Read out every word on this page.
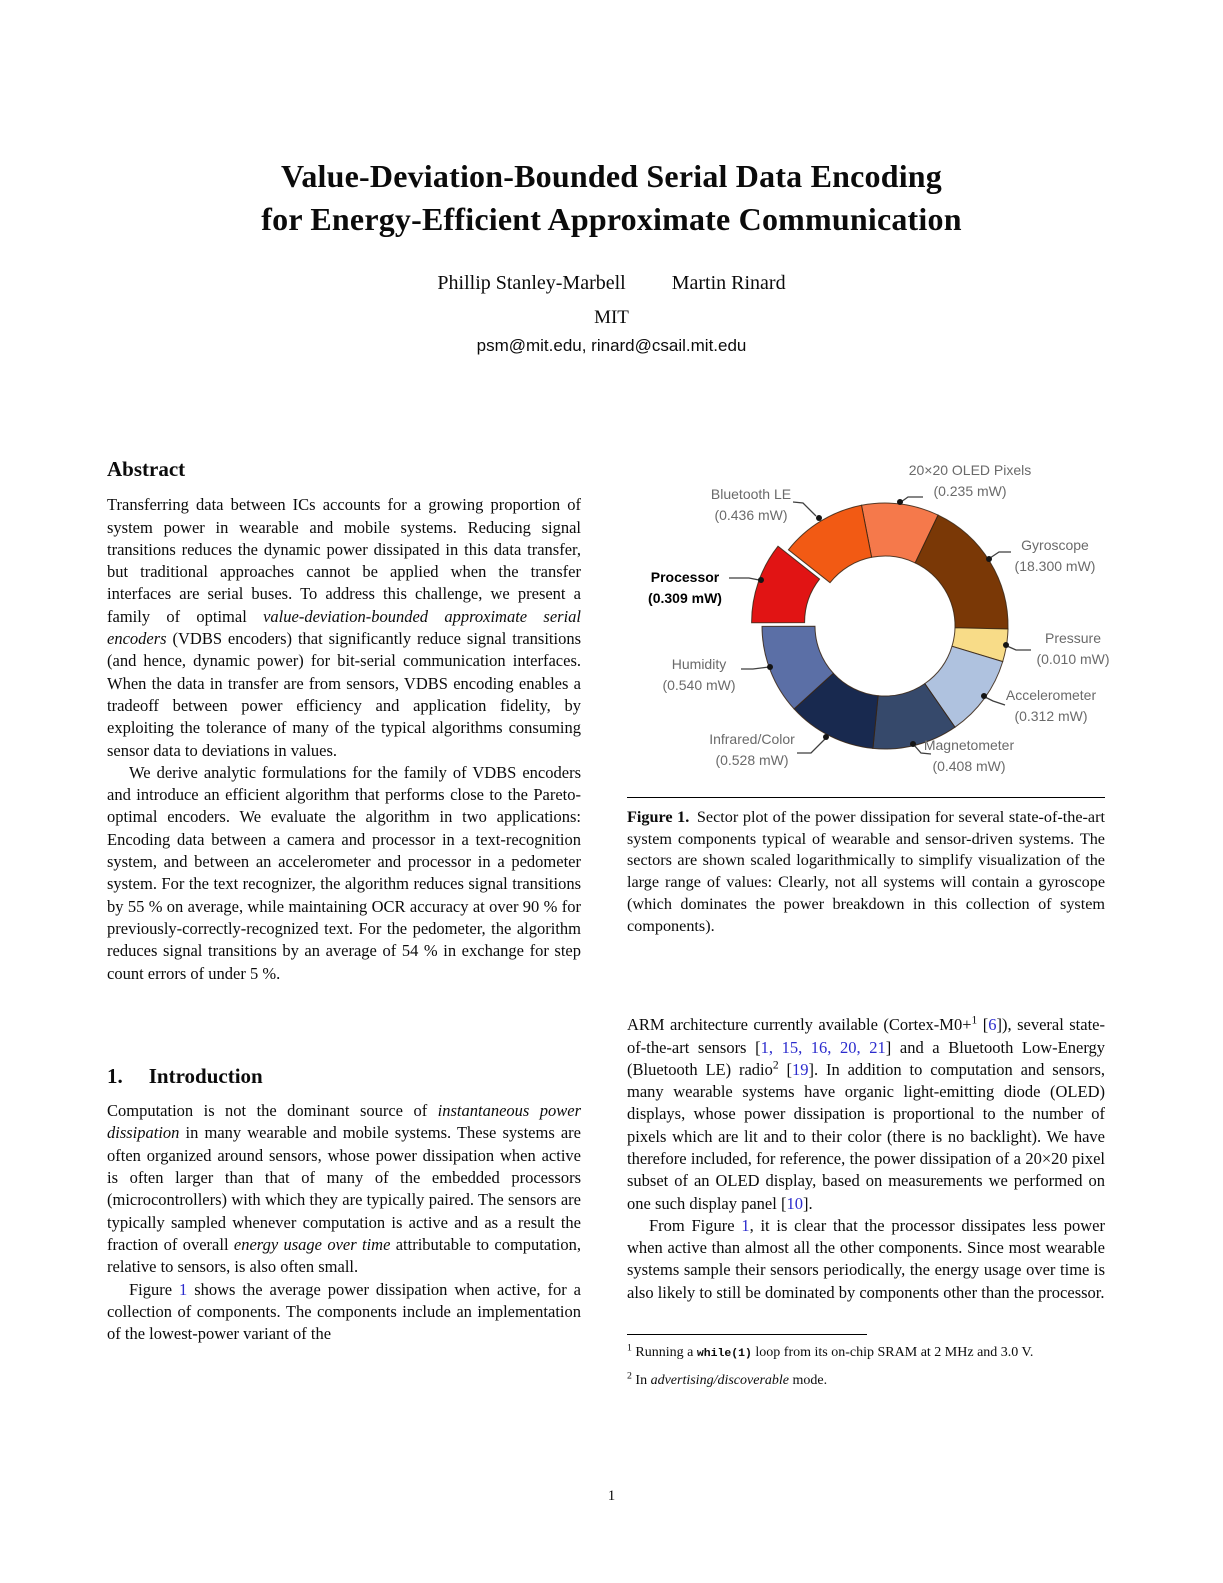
Value-Deviation-Bounded Serial Data Encoding
for Energy-Efficient Approximate Communication
Phillip Stanley-Marbell Martin Rinard
MIT
psm@mit.edu, rinard@csail.mit.edu
Abstract

Transferring data between ICs accounts for a growing proportion of system power in wearable and mobile systems. Reducing signal transitions reduces the dynamic power dissipated in this data transfer, but traditional approaches cannot be applied when the transfer interfaces are serial buses. To address this challenge, we present a family of optimal value-deviation-bounded approximate serial encoders (VDBS encoders) that significantly reduce signal transitions (and hence, dynamic power) for bit-serial communication interfaces. When the data in transfer are from sensors, VDBS encoding enables a tradeoff between power efficiency and application fidelity, by exploiting the tolerance of many of the typical algorithms consuming sensor data to deviations in values.

We derive analytic formulations for the family of VDBS encoders and introduce an efficient algorithm that performs close to the Pareto-optimal encoders. We evaluate the algorithm in two applications: Encoding data between a camera and processor in a text-recognition system, and between an accelerometer and processor in a pedometer system. For the text recognizer, the algorithm reduces signal transitions by 55 % on average, while maintaining OCR accuracy at over 90 % for previously-correctly-recognized text. For the pedometer, the algorithm reduces signal transitions by an average of 54 % in exchange for step count errors of under 5 %.

1. Introduction

Computation is not the dominant source of instantaneous power dissipation in many wearable and mobile systems. These systems are often organized around sensors, whose power dissipation when active is often larger than that of many of the embedded processors (microcontrollers) with which they are typically paired. The sensors are typically sampled whenever computation is active and as a result the fraction of overall energy usage over time attributable to computation, relative to sensors, is also often small.

Figure 1 shows the average power dissipation when active, for a collection of components. The components include an implementation of the lowest-power variant of the

20×20 OLED Pixels
(0.235 mW)
Gyroscope
(18.300 mW)
Pressure
(0.010 mW)
Accelerometer
(0.312 mW)
Magnetometer
(0.408 mW)
Infrared/Color
(0.528 mW)
Humidity
(0.540 mW)
Processor
(0.309 mW)
Bluetooth LE
(0.436 mW)
Figure 1. Sector plot of the power dissipation for several state-of-the-art system components typical of wearable and sensor-driven systems. The sectors are shown scaled logarithmically to simplify visualization of the large range of values: Clearly, not all systems will contain a gyroscope (which dominates the power breakdown in this collection of system components).

ARM architecture currently available (Cortex-M0+$^1$ [6]), several state-of-the-art sensors [1, 15, 16, 20, 21] and a Bluetooth Low-Energy (Bluetooth LE) radio$^2$ [19]. In addition to computation and sensors, many wearable systems have organic light-emitting diode (OLED) displays, whose power dissipation is proportional to the number of pixels which are lit and to their color (there is no backlight). We have therefore included, for reference, the power dissipation of a 20×20 pixel subset of an OLED display, based on measurements we performed on one such display panel [10].

From Figure 1, it is clear that the processor dissipates less power when active than almost all the other components. Since most wearable systems sample their sensors periodically, the energy usage over time is also likely to still be dominated by components other than the processor.

$^1$ Running a while(1) loop from its on-chip SRAM at 2 MHz and 3.0 V.

$^2$ In advertising/discoverable mode.

1
